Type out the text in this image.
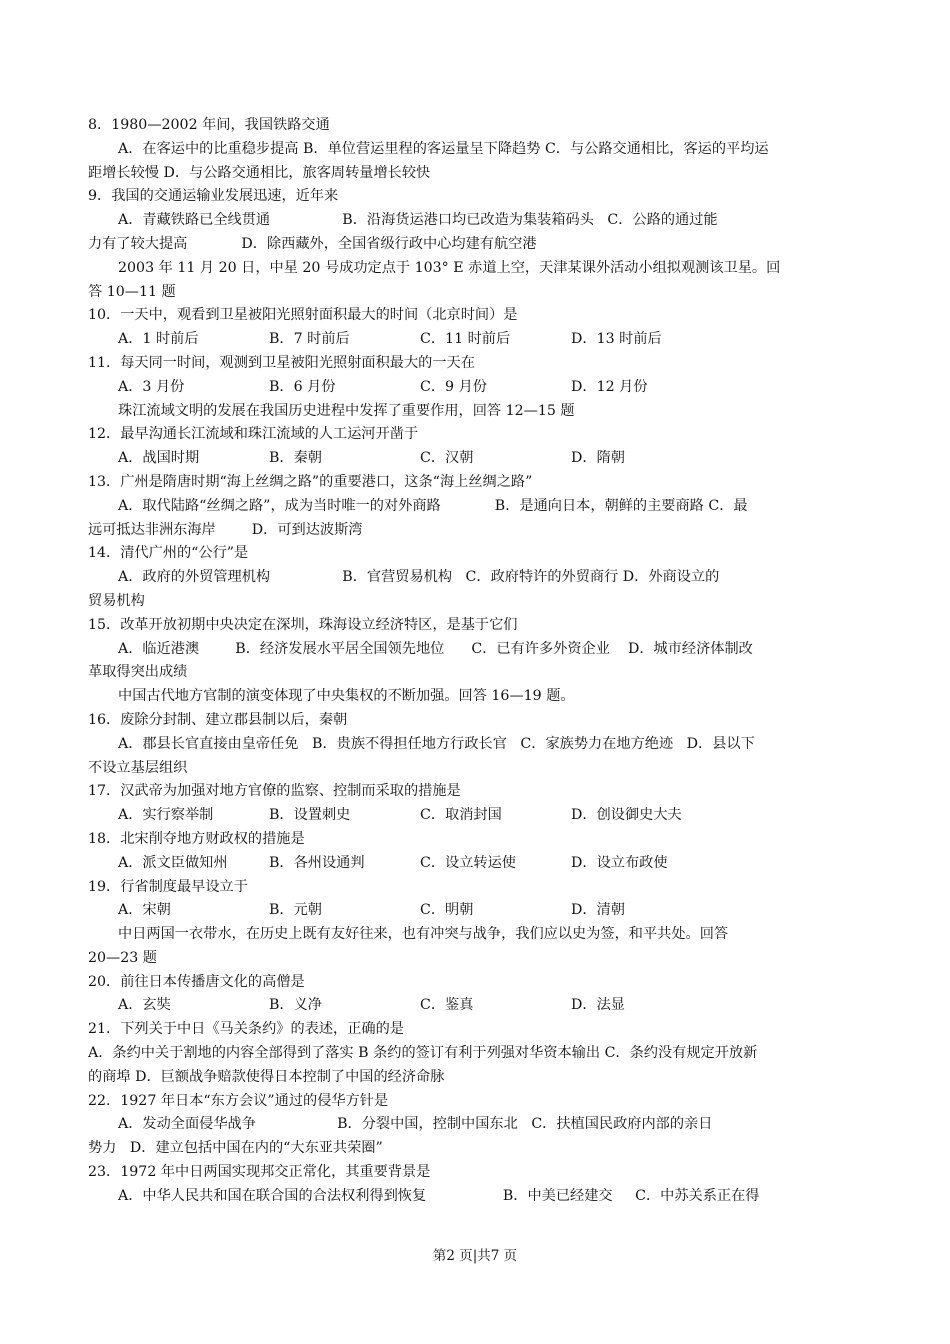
8．1980—2002 年间，我国铁路交通
A．在客运中的比重稳步提高 B．单位营运里程的客运量呈下降趋势 C．与公路交通相比，客运的平均运
距增长较慢 D．与公路交通相比，旅客周转量增长较快
9．我国的交通运输业发展迅速，近年来
A．青藏铁路已全线贯通                B．沿海货运港口均已改造为集装箱码头   C．公路的通过能
力有了较大提高            D．除西藏外，全国省级行政中心均建有航空港
2003 年 11 月 20 日，中星 20 号成功定点于 103° E 赤道上空，天津某课外活动小组拟观测该卫星。回
答 10—11 题
10．一天中，观看到卫星被阳光照射面积最大的时间（北京时间）是
A．1 时前后	B．7 时前后	C．11 时前后	D．13 时前后
11．每天同一时间，观测到卫星被阳光照射面积最大的一天在
A．3 月份	B．6 月份	C．9 月份	D．12 月份
珠江流域文明的发展在我国历史进程中发挥了重要作用，回答 12—15 题
12．最早沟通长江流域和珠江流域的人工运河开凿于
A．战国时期	B．秦朝	C．汉朝	D．隋朝
13．广州是隋唐时期“海上丝绸之路”的重要港口，这条“海上丝绸之路”
A．取代陆路“丝绸之路”，成为当时唯一的对外商路            B．是通向日本，朝鲜的主要商路 C．最
远可抵达非洲东海岸        D．可到达波斯湾
14．清代广州的“公行”是
A．政府的外贸管理机构                B．官营贸易机构   C．政府特许的外贸商行 D．外商设立的
贸易机构
15．改革开放初期中央决定在深圳，珠海设立经济特区，是基于它们
A．临近港澳        B．经济发展水平居全国领先地位      C．已有许多外资企业    D．城市经济体制改
革取得突出成绩
中国古代地方官制的演变体现了中央集权的不断加强。回答 16—19 题。
16．废除分封制、建立郡县制以后，秦朝
A．郡县长官直接由皇帝任免   B．贵族不得担任地方行政长官   C．家族势力在地方绝迹   D．县以下
不设立基层组织
17．汉武帝为加强对地方官僚的监察、控制而采取的措施是
A．实行察举制	B．设置刺史	C．取消封国	D．创设御史大夫
18．北宋削夺地方财政权的措施是
A．派文臣做知州	B．各州设通判	C．设立转运使	D．设立布政使
19．行省制度最早设立于
A．宋朝	B．元朝	C．明朝	D．清朝
中日两国一衣带水，在历史上既有友好往来，也有冲突与战争，我们应以史为签，和平共处。回答
20—23 题
20．前往日本传播唐文化的高僧是
A．玄奘	B．义净	C．鉴真	D．法显
21．下列关于中日《马关条约》的表述，正确的是
A．条约中关于割地的内容全部得到了落实 B 条约的签订有利于列强对华资本输出 C．条约没有规定开放新
的商埠 D．巨额战争赔款使得日本控制了中国的经济命脉
22．1927 年日本“东方会议”通过的侵华方针是
A．发动全面侵华战争                  B．分裂中国，控制中国东北   C．扶植国民政府内部的亲日
势力   D．建立包括中国在内的“大东亚共荣圈”
23．1972 年中日两国实现邦交正常化，其重要背景是
A．中华人民共和国在联合国的合法权利得到恢复                 B．中美已经建交     C．中苏关系正在得
第2 页|共7 页
